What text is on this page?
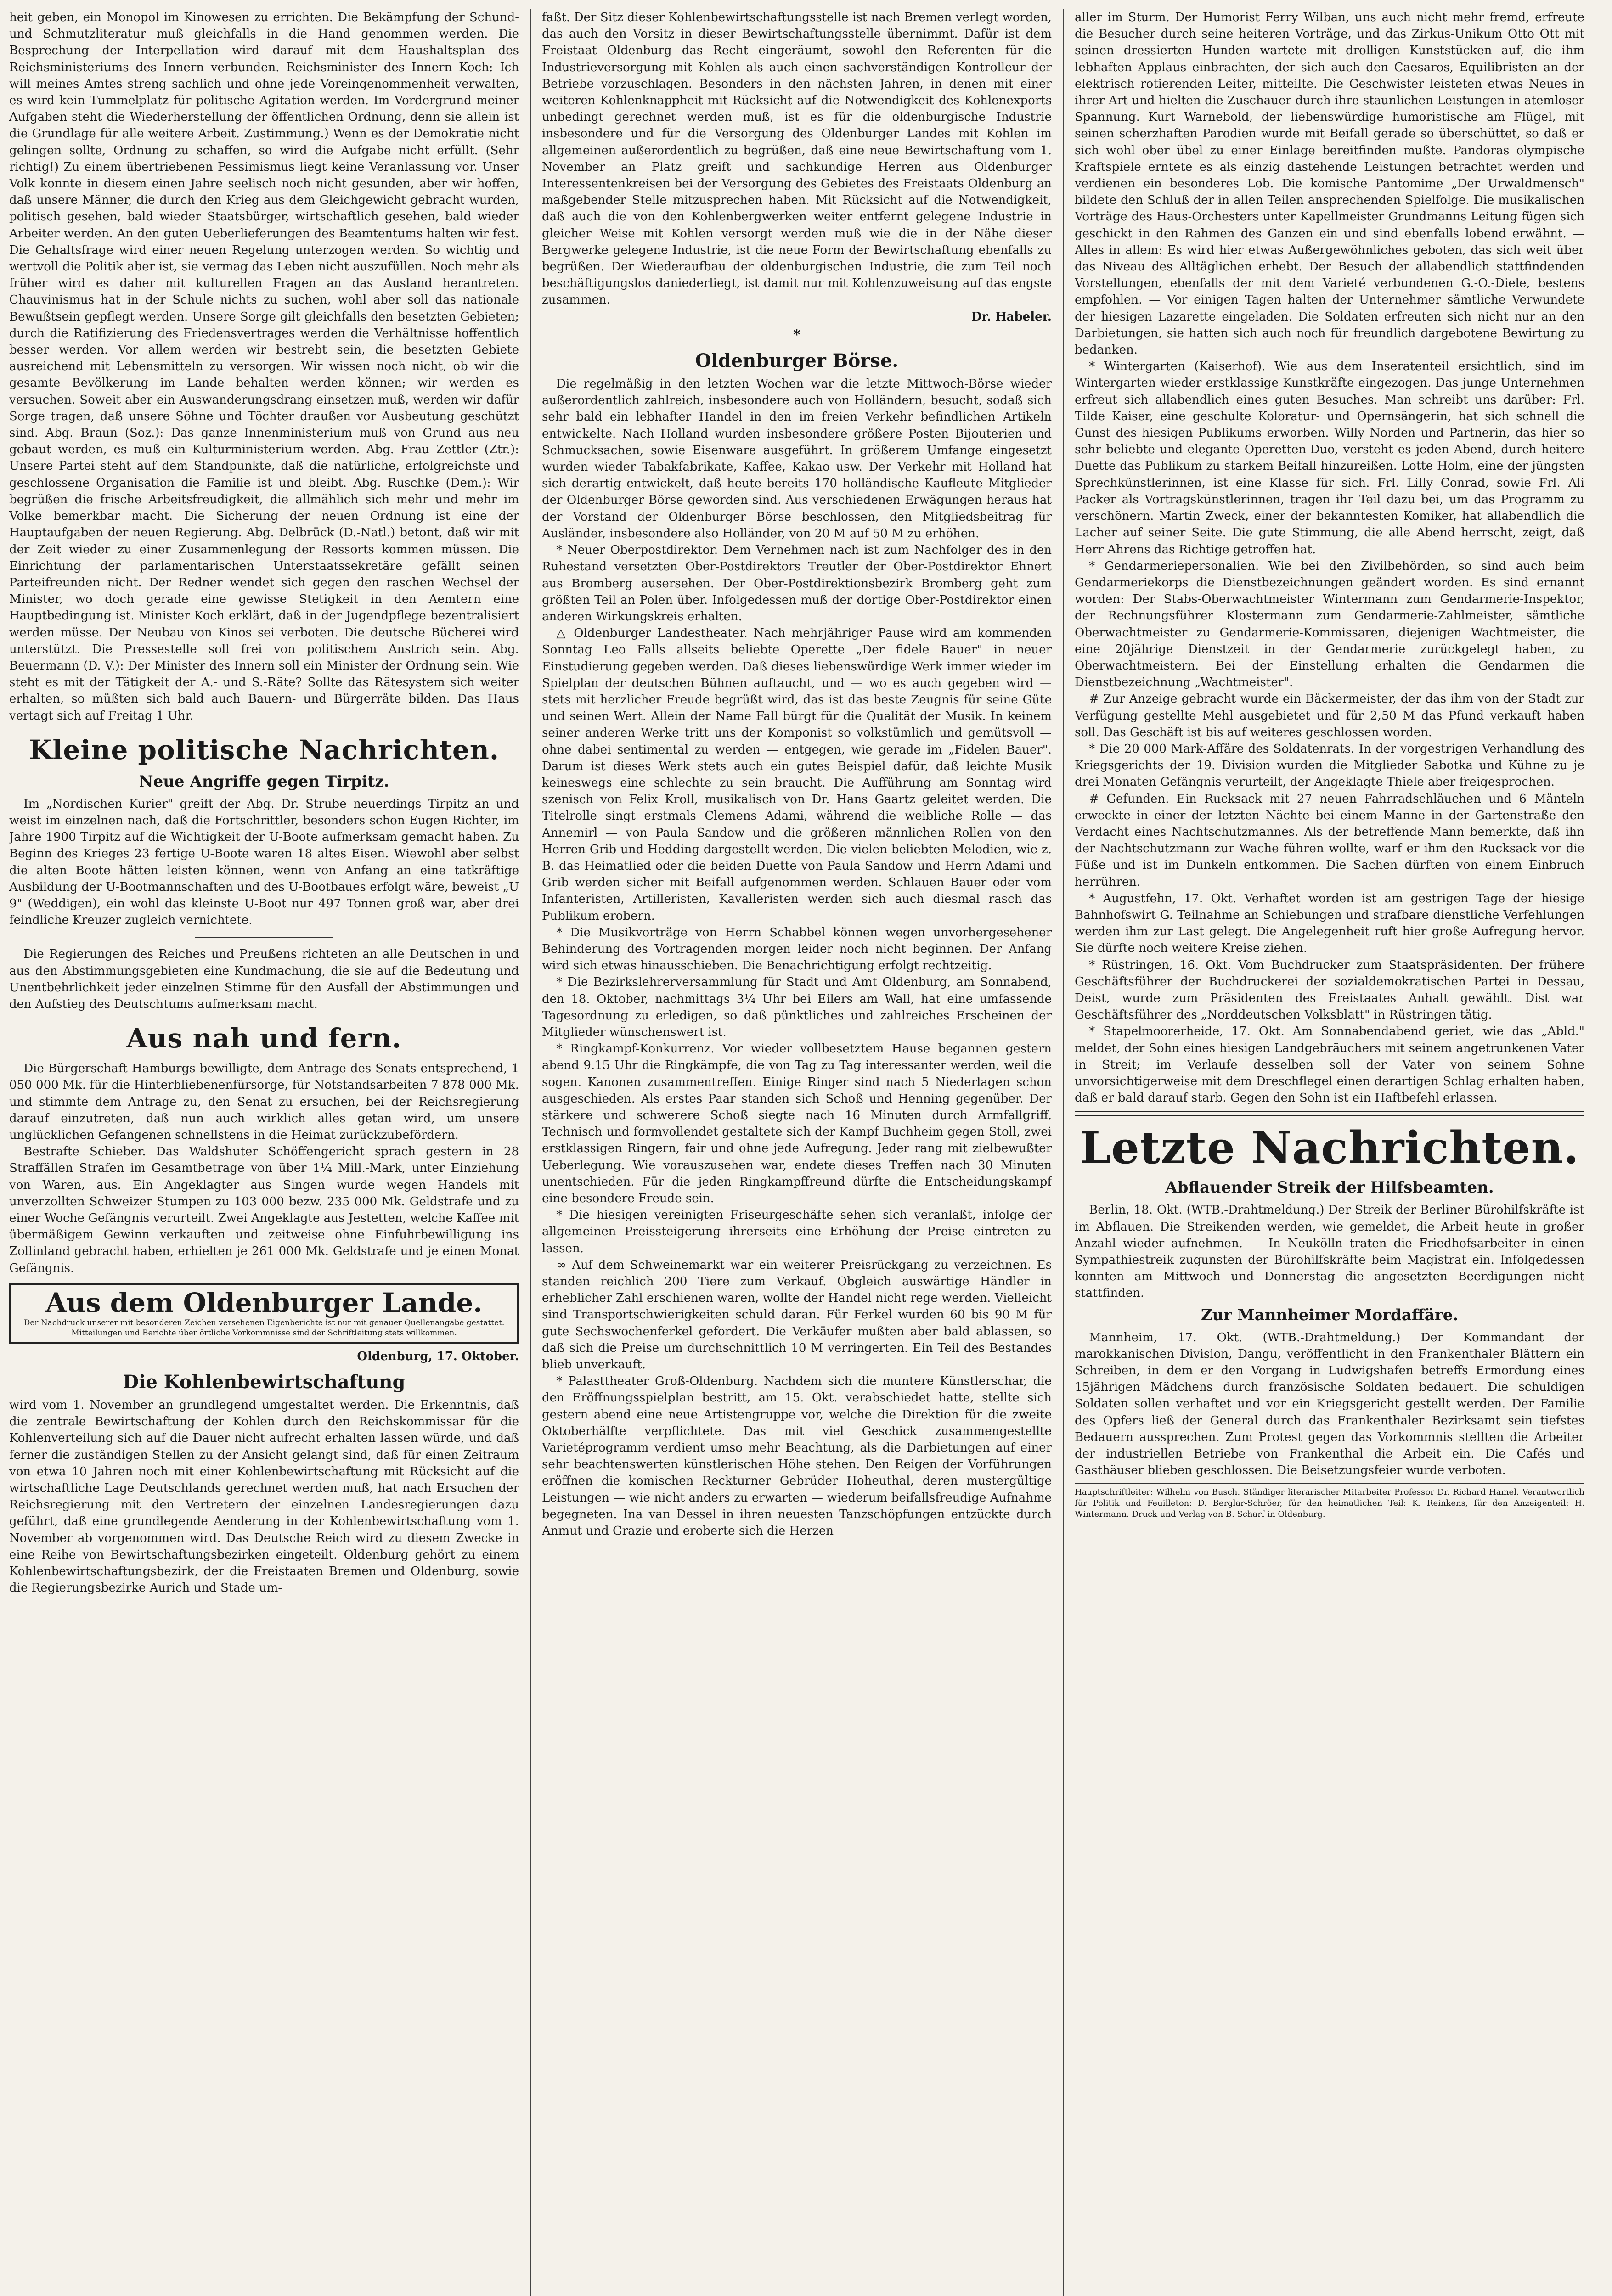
heit geben, ein Monopol im Kinowesen zu errichten. Die Bekämpfung der Schund- und Schmutzliteratur muß gleichfalls in die Hand genommen werden. Die Besprechung der Interpellation wird darauf mit dem Haushaltsplan des Reichsministeriums des Innern verbunden. Reichsminister des Innern Koch: Ich will meines Amtes streng sachlich und ohne jede Voreingenommenheit verwalten, es wird kein Tummelplatz für politische Agitation werden. Im Vordergrund meiner Aufgaben steht die Wiederherstellung der öffentlichen Ordnung, denn sie allein ist die Grundlage für alle weitere Arbeit. Zustimmung.) Wenn es der Demokratie nicht gelingen sollte, Ordnung zu schaffen, so wird die Aufgabe nicht erfüllt. (Sehr richtig!) Zu einem übertriebenen Pessimismus liegt keine Veranlassung vor. Unser Volk konnte in diesem einen Jahre seelisch noch nicht gesunden, aber wir hoffen, daß unsere Männer, die durch den Krieg aus dem Gleichgewicht gebracht wurden, politisch gesehen, bald wieder Staatsbürger, wirtschaftlich gesehen, bald wieder Arbeiter werden. An den guten Ueberlieferungen des Beamtentums halten wir fest. Die Gehaltsfrage wird einer neuen Regelung unterzogen werden. So wichtig und wertvoll die Politik aber ist, sie vermag das Leben nicht auszufüllen. Noch mehr als früher wird es daher mit kulturellen Fragen an das Ausland herantreten. Chauvinismus hat in der Schule nichts zu suchen, wohl aber soll das nationale Bewußtsein gepflegt werden. Unsere Sorge gilt gleichfalls den besetzten Gebieten; durch die Ratifizierung des Friedensvertrages werden die Verhältnisse hoffentlich besser werden. Vor allem werden wir bestrebt sein, die besetzten Gebiete ausreichend mit Lebensmitteln zu versorgen. Wir wissen noch nicht, ob wir die gesamte Bevölkerung im Lande behalten werden können; wir werden es versuchen. Soweit aber ein Auswanderungsdrang einsetzen muß, werden wir dafür Sorge tragen, daß unsere Söhne und Töchter draußen vor Ausbeutung geschützt sind. Abg. Braun (Soz.): Das ganze Innenministerium muß von Grund aus neu gebaut werden, es muß ein Kulturministerium werden. Abg. Frau Zettler (Ztr.): Unsere Partei steht auf dem Standpunkte, daß die natürliche, erfolgreichste und geschlossene Organisation die Familie ist und bleibt. Abg. Ruschke (Dem.): Wir begrüßen die frische Arbeitsfreudigkeit, die allmählich sich mehr und mehr im Volke bemerkbar macht. Die Sicherung der neuen Ordnung ist eine der Hauptaufgaben der neuen Regierung. Abg. Delbrück (D.-Natl.) betont, daß wir mit der Zeit wieder zu einer Zusammenlegung der Ressorts kommen müssen. Die Einrichtung der parlamentarischen Unterstaatssekretäre gefällt seinen Parteifreunden nicht. Der Redner wendet sich gegen den raschen Wechsel der Minister, wo doch gerade eine gewisse Stetigkeit in den Aemtern eine Hauptbedingung ist. Minister Koch erklärt, daß in der Jugendpflege bezentralisiert werden müsse. Der Neubau von Kinos sei verboten. Die deutsche Bücherei wird unterstützt. Die Pressestelle soll frei von politischem Anstrich sein. Abg. Beuermann (D. V.): Der Minister des Innern soll ein Minister der Ordnung sein. Wie steht es mit der Tätigkeit der A.- und S.-Räte? Sollte das Rätesystem sich weiter erhalten, so müßten sich bald auch Bauern- und Bürgerräte bilden. Das Haus vertagt sich auf Freitag 1 Uhr.

Kleine politische Nachrichten.
Neue Angriffe gegen Tirpitz.

Im „Nordischen Kurier" greift der Abg. Dr. Strube neuerdings Tirpitz an und weist im einzelnen nach, daß die Fortschrittler, besonders schon Eugen Richter, im Jahre 1900 Tirpitz auf die Wichtigkeit der U-Boote aufmerksam gemacht haben. Zu Beginn des Krieges 23 fertige U-Boote waren 18 altes Eisen. Wiewohl aber selbst die alten Boote hätten leisten können, wenn von Anfang an eine tatkräftige Ausbildung der U-Bootmannschaften und des U-Bootbaues erfolgt wäre, beweist „U 9" (Weddigen), ein wohl das kleinste U-Boot nur 497 Tonnen groß war, aber drei feindliche Kreuzer zugleich vernichtete.

Die Regierungen des Reiches und Preußens richteten an alle Deutschen in und aus den Abstimmungsgebieten eine Kundmachung, die sie auf die Bedeutung und Unentbehrlichkeit jeder einzelnen Stimme für den Ausfall der Abstimmungen und den Aufstieg des Deutschtums aufmerksam macht.

Aus nah und fern.

Die Bürgerschaft Hamburgs bewilligte, dem Antrage des Senats entsprechend, 1 050 000 Mk. für die Hinterbliebenenfürsorge, für Notstandsarbeiten 7 878 000 Mk. und stimmte dem Antrage zu, den Senat zu ersuchen, bei der Reichsregierung darauf einzutreten, daß nun auch wirklich alles getan wird, um unsere unglücklichen Gefangenen schnellstens in die Heimat zurückzubefördern.

Bestrafte Schieber. Das Waldshuter Schöffengericht sprach gestern in 28 Straffällen Strafen im Gesamtbetrage von über 1¼ Mill.-Mark, unter Einziehung von Waren, aus. Ein Angeklagter aus Singen wurde wegen Handels mit unverzollten Schweizer Stumpen zu 103 000 bezw. 235 000 Mk. Geldstrafe und zu einer Woche Gefängnis verurteilt. Zwei Angeklagte aus Jestetten, welche Kaffee mit übermäßigem Gewinn verkauften und zeitweise ohne Einfuhrbewilligung ins Zollinland gebracht haben, erhielten je 261 000 Mk. Geldstrafe und je einen Monat Gefängnis.

Aus dem Oldenburger Lande.
Der Nachdruck unserer mit besonderen Zeichen versehenen Eigenberichte ist nur mit genauer Quellenangabe gestattet. Mitteilungen und Berichte über örtliche Vorkommnisse sind der Schriftleitung stets willkommen.

Oldenburg, 17. Oktober.

Die Kohlenbewirtschaftung

wird vom 1. November an grundlegend umgestaltet werden. Die Erkenntnis, daß die zentrale Bewirtschaftung der Kohlen durch den Reichskommissar für die Kohlenverteilung sich auf die Dauer nicht aufrecht erhalten lassen würde, und daß ferner die zuständigen Stellen zu der Ansicht gelangt sind, daß für einen Zeitraum von etwa 10 Jahren noch mit einer Kohlenbewirtschaftung mit Rücksicht auf die wirtschaftliche Lage Deutschlands gerechnet werden muß, hat nach Ersuchen der Reichsregierung mit den Vertretern der einzelnen Landesregierungen dazu geführt, daß eine grundlegende Aenderung in der Kohlenbewirtschaftung vom 1. November ab vorgenommen wird. Das Deutsche Reich wird zu diesem Zwecke in eine Reihe von Bewirtschaftungsbezirken eingeteilt. Oldenburg gehört zu einem Kohlenbewirtschaftungsbezirk, der die Freistaaten Bremen und Oldenburg, sowie die Regierungsbezirke Aurich und Stade um-

faßt. Der Sitz dieser Kohlenbewirtschaftungsstelle ist nach Bremen verlegt worden, das auch den Vorsitz in dieser Bewirtschaftungsstelle übernimmt. Dafür ist dem Freistaat Oldenburg das Recht eingeräumt, sowohl den Referenten für die Industrieversorgung mit Kohlen als auch einen sachverständigen Kontrolleur der Betriebe vorzuschlagen. Besonders in den nächsten Jahren, in denen mit einer weiteren Kohlenknappheit mit Rücksicht auf die Notwendigkeit des Kohlenexports unbedingt gerechnet werden muß, ist es für die oldenburgische Industrie insbesondere und für die Versorgung des Oldenburger Landes mit Kohlen im allgemeinen außerordentlich zu begrüßen, daß eine neue Bewirtschaftung vom 1. November an Platz greift und sachkundige Herren aus Oldenburger Interessentenkreisen bei der Versorgung des Gebietes des Freistaats Oldenburg an maßgebender Stelle mitzusprechen haben. Mit Rücksicht auf die Notwendigkeit, daß auch die von den Kohlenbergwerken weiter entfernt gelegene Industrie in gleicher Weise mit Kohlen versorgt werden muß wie die in der Nähe dieser Bergwerke gelegene Industrie, ist die neue Form der Bewirtschaftung ebenfalls zu begrüßen. Der Wiederaufbau der oldenburgischen Industrie, die zum Teil noch beschäftigungslos daniederliegt, ist damit nur mit Kohlenzuweisung auf das engste zusammen.

Dr. Habeler.

*
Oldenburger Börse.

Die regelmäßig in den letzten Wochen war die letzte Mittwoch-Börse wieder außerordentlich zahlreich, insbesondere auch von Holländern, besucht, sodaß sich sehr bald ein lebhafter Handel in den im freien Verkehr befindlichen Artikeln entwickelte. Nach Holland wurden insbesondere größere Posten Bijouterien und Schmucksachen, sowie Eisenware ausgeführt. In größerem Umfange eingesetzt wurden wieder Tabakfabrikate, Kaffee, Kakao usw. Der Verkehr mit Holland hat sich derartig entwickelt, daß heute bereits 170 holländische Kaufleute Mitglieder der Oldenburger Börse geworden sind. Aus verschiedenen Erwägungen heraus hat der Vorstand der Oldenburger Börse beschlossen, den Mitgliedsbeitrag für Ausländer, insbesondere also Holländer, von 20 M auf 50 M zu erhöhen.

* Neuer Oberpostdirektor. Dem Vernehmen nach ist zum Nachfolger des in den Ruhestand versetzten Ober-Postdirektors Treutler der Ober-Postdirektor Ehnert aus Bromberg ausersehen. Der Ober-Postdirektionsbezirk Bromberg geht zum größten Teil an Polen über. Infolgedessen muß der dortige Ober-Postdirektor einen anderen Wirkungskreis erhalten.

△ Oldenburger Landestheater. Nach mehrjähriger Pause wird am kommenden Sonntag Leo Falls allseits beliebte Operette „Der fidele Bauer" in neuer Einstudierung gegeben werden. Daß dieses liebenswürdige Werk immer wieder im Spielplan der deutschen Bühnen auftaucht, und — wo es auch gegeben wird — stets mit herzlicher Freude begrüßt wird, das ist das beste Zeugnis für seine Güte und seinen Wert. Allein der Name Fall bürgt für die Qualität der Musik. In keinem seiner anderen Werke tritt uns der Komponist so volkstümlich und gemütsvoll — ohne dabei sentimental zu werden — entgegen, wie gerade im „Fidelen Bauer". Darum ist dieses Werk stets auch ein gutes Beispiel dafür, daß leichte Musik keineswegs eine schlechte zu sein braucht. Die Aufführung am Sonntag wird szenisch von Felix Kroll, musikalisch von Dr. Hans Gaartz geleitet werden. Die Titelrolle singt erstmals Clemens Adami, während die weibliche Rolle — das Annemirl — von Paula Sandow und die größeren männlichen Rollen von den Herren Grib und Hedding dargestellt werden. Die vielen beliebten Melodien, wie z. B. das Heimatlied oder die beiden Duette von Paula Sandow und Herrn Adami und Grib werden sicher mit Beifall aufgenommen werden. Schlauen Bauer oder vom Infanteristen, Artilleristen, Kavalleristen werden sich auch diesmal rasch das Publikum erobern.

* Die Musikvorträge von Herrn Schabbel können wegen unvorhergesehener Behinderung des Vortragenden morgen leider noch nicht beginnen. Der Anfang wird sich etwas hinausschieben. Die Benachrichtigung erfolgt rechtzeitig.

* Die Bezirkslehrerversammlung für Stadt und Amt Oldenburg, am Sonnabend, den 18. Oktober, nachmittags 3¼ Uhr bei Eilers am Wall, hat eine umfassende Tagesordnung zu erledigen, so daß pünktliches und zahlreiches Erscheinen der Mitglieder wünschenswert ist.

* Ringkampf-Konkurrenz. Vor wieder vollbesetztem Hause begannen gestern abend 9.15 Uhr die Ringkämpfe, die von Tag zu Tag interessanter werden, weil die sogen. Kanonen zusammentreffen. Einige Ringer sind nach 5 Niederlagen schon ausgeschieden. Als erstes Paar standen sich Schoß und Henning gegenüber. Der stärkere und schwerere Schoß siegte nach 16 Minuten durch Armfallgriff. Technisch und formvollendet gestaltete sich der Kampf Buchheim gegen Stoll, zwei erstklassigen Ringern, fair und ohne jede Aufregung. Jeder rang mit zielbewußter Ueberlegung. Wie vorauszusehen war, endete dieses Treffen nach 30 Minuten unentschieden. Für die jeden Ringkampffreund dürfte die Entscheidungskampf eine besondere Freude sein.

* Die hiesigen vereinigten Friseurgeschäfte sehen sich veranlaßt, infolge der allgemeinen Preissteigerung ihrerseits eine Erhöhung der Preise eintreten zu lassen.

∞ Auf dem Schweinemarkt war ein weiterer Preisrückgang zu verzeichnen. Es standen reichlich 200 Tiere zum Verkauf. Obgleich auswärtige Händler in erheblicher Zahl erschienen waren, wollte der Handel nicht rege werden. Vielleicht sind Transportschwierigkeiten schuld daran. Für Ferkel wurden 60 bis 90 M für gute Sechswochenferkel gefordert. Die Verkäufer mußten aber bald ablassen, so daß sich die Preise um durchschnittlich 10 M verringerten. Ein Teil des Bestandes blieb unverkauft.

* Palasttheater Groß-Oldenburg. Nachdem sich die muntere Künstlerschar, die den Eröffnungsspielplan bestritt, am 15. Okt. verabschiedet hatte, stellte sich gestern abend eine neue Artistengruppe vor, welche die Direktion für die zweite Oktoberhälfte verpflichtete. Das mit viel Geschick zusammengestellte Varietéprogramm verdient umso mehr Beachtung, als die Darbietungen auf einer sehr beachtenswerten künstlerischen Höhe stehen. Den Reigen der Vorführungen eröffnen die komischen Reckturner Gebrüder Hoheuthal, deren mustergültige Leistungen — wie nicht anders zu erwarten — wiederum beifallsfreudige Aufnahme begegneten. Ina van Dessel in ihren neuesten Tanzschöpfungen entzückte durch Anmut und Grazie und eroberte sich die Herzen

aller im Sturm. Der Humorist Ferry Wilban, uns auch nicht mehr fremd, erfreute die Besucher durch seine heiteren Vorträge, und das Zirkus-Unikum Otto Ott mit seinen dressierten Hunden wartete mit drolligen Kunststücken auf, die ihm lebhaften Applaus einbrachten, der sich auch den Caesaros, Equilibristen an der elektrisch rotierenden Leiter, mitteilte. Die Geschwister leisteten etwas Neues in ihrer Art und hielten die Zuschauer durch ihre staunlichen Leistungen in atemloser Spannung. Kurt Warnebold, der liebenswürdige humoristische am Flügel, mit seinen scherzhaften Parodien wurde mit Beifall gerade so überschüttet, so daß er sich wohl ober übel zu einer Einlage bereitfinden mußte. Pandoras olympische Kraftspiele erntete es als einzig dastehende Leistungen betrachtet werden und verdienen ein besonderes Lob. Die komische Pantomime „Der Urwaldmensch" bildete den Schluß der in allen Teilen ansprechenden Spielfolge. Die musikalischen Vorträge des Haus-Orchesters unter Kapellmeister Grundmanns Leitung fügen sich geschickt in den Rahmen des Ganzen ein und sind ebenfalls lobend erwähnt. — Alles in allem: Es wird hier etwas Außergewöhnliches geboten, das sich weit über das Niveau des Alltäglichen erhebt. Der Besuch der allabendlich stattfindenden Vorstellungen, ebenfalls der mit dem Varieté verbundenen G.-O.-Diele, bestens empfohlen. — Vor einigen Tagen halten der Unternehmer sämtliche Verwundete der hiesigen Lazarette eingeladen. Die Soldaten erfreuten sich nicht nur an den Darbietungen, sie hatten sich auch noch für freundlich dargebotene Bewirtung zu bedanken.

* Wintergarten (Kaiserhof). Wie aus dem Inseratenteil ersichtlich, sind im Wintergarten wieder erstklassige Kunstkräfte eingezogen. Das junge Unternehmen erfreut sich allabendlich eines guten Besuches. Man schreibt uns darüber: Frl. Tilde Kaiser, eine geschulte Koloratur- und Opernsängerin, hat sich schnell die Gunst des hiesigen Publikums erworben. Willy Norden und Partnerin, das hier so sehr beliebte und elegante Operetten-Duo, versteht es jeden Abend, durch heitere Duette das Publikum zu starkem Beifall hinzureißen. Lotte Holm, eine der jüngsten Sprechkünstlerinnen, ist eine Klasse für sich. Frl. Lilly Conrad, sowie Frl. Ali Packer als Vortragskünstlerinnen, tragen ihr Teil dazu bei, um das Programm zu verschönern. Martin Zweck, einer der bekanntesten Komiker, hat allabendlich die Lacher auf seiner Seite. Die gute Stimmung, die alle Abend herrscht, zeigt, daß Herr Ahrens das Richtige getroffen hat.

* Gendarmeriepersonalien. Wie bei den Zivilbehörden, so sind auch beim Gendarmeriekorps die Dienstbezeichnungen geändert worden. Es sind ernannt worden: Der Stabs-Oberwachtmeister Wintermann zum Gendarmerie-Inspektor, der Rechnungsführer Klostermann zum Gendarmerie-Zahlmeister, sämtliche Oberwachtmeister zu Gendarmerie-Kommissaren, diejenigen Wachtmeister, die eine 20jährige Dienstzeit in der Gendarmerie zurückgelegt haben, zu Oberwachtmeistern. Bei der Einstellung erhalten die Gendarmen die Dienstbezeichnung „Wachtmeister".

# Zur Anzeige gebracht wurde ein Bäckermeister, der das ihm von der Stadt zur Verfügung gestellte Mehl ausgebietet und für 2,50 M das Pfund verkauft haben soll. Das Geschäft ist bis auf weiteres geschlossen worden.

* Die 20 000 Mark-Affäre des Soldatenrats. In der vorgestrigen Verhandlung des Kriegsgerichts der 19. Division wurden die Mitglieder Sabotka und Kühne zu je drei Monaten Gefängnis verurteilt, der Angeklagte Thiele aber freigesprochen.

# Gefunden. Ein Rucksack mit 27 neuen Fahrradschläuchen und 6 Mänteln erweckte in einer der letzten Nächte bei einem Manne in der Gartenstraße den Verdacht eines Nachtschutzmannes. Als der betreffende Mann bemerkte, daß ihn der Nachtschutzmann zur Wache führen wollte, warf er ihm den Rucksack vor die Füße und ist im Dunkeln entkommen. Die Sachen dürften von einem Einbruch herrühren.

* Augustfehn, 17. Okt. Verhaftet worden ist am gestrigen Tage der hiesige Bahnhofswirt G. Teilnahme an Schiebungen und strafbare dienstliche Verfehlungen werden ihm zur Last gelegt. Die Angelegenheit ruft hier große Aufregung hervor. Sie dürfte noch weitere Kreise ziehen.

* Rüstringen, 16. Okt. Vom Buchdrucker zum Staatspräsidenten. Der frühere Geschäftsführer der Buchdruckerei der sozialdemokratischen Partei in Dessau, Deist, wurde zum Präsidenten des Freistaates Anhalt gewählt. Dist war Geschäftsführer des „Norddeutschen Volksblatt" in Rüstringen tätig.

* Stapelmoorerheide, 17. Okt. Am Sonnabendabend geriet, wie das „Abld." meldet, der Sohn eines hiesigen Landgebräuchers mit seinem angetrunkenen Vater in Streit; im Verlaufe desselben soll der Vater von seinem Sohne unvorsichtigerweise mit dem Dreschflegel einen derartigen Schlag erhalten haben, daß er bald darauf starb. Gegen den Sohn ist ein Haftbefehl erlassen.

Letzte Nachrichten.
Abflauender Streik der Hilfsbeamten.

Berlin, 18. Okt. (WTB.-Drahtmeldung.) Der Streik der Berliner Bürohilfskräfte ist im Abflauen. Die Streikenden werden, wie gemeldet, die Arbeit heute in großer Anzahl wieder aufnehmen. — In Neukölln traten die Friedhofsarbeiter in einen Sympathiestreik zugunsten der Bürohilfskräfte beim Magistrat ein. Infolgedessen konnten am Mittwoch und Donnerstag die angesetzten Beerdigungen nicht stattfinden.

Zur Mannheimer Mordaffäre.

Mannheim, 17. Okt. (WTB.-Drahtmeldung.) Der Kommandant der marokkanischen Division, Dangu, veröffentlicht in den Frankenthaler Blättern ein Schreiben, in dem er den Vorgang in Ludwigshafen betreffs Ermordung eines 15jährigen Mädchens durch französische Soldaten bedauert. Die schuldigen Soldaten sollen verhaftet und vor ein Kriegsgericht gestellt werden. Der Familie des Opfers ließ der General durch das Frankenthaler Bezirksamt sein tiefstes Bedauern aussprechen. Zum Protest gegen das Vorkommnis stellten die Arbeiter der industriellen Betriebe von Frankenthal die Arbeit ein. Die Cafés und Gasthäuser blieben geschlossen. Die Beisetzungsfeier wurde verboten.

Hauptschriftleiter: Wilhelm von Busch. Ständiger literarischer Mitarbeiter Professor Dr. Richard Hamel. Verantwortlich für Politik und Feuilleton: D. Berglar-Schröer, für den heimatlichen Teil: K. Reinkens, für den Anzeigenteil: H. Wintermann. Druck und Verlag von B. Scharf in Oldenburg.
